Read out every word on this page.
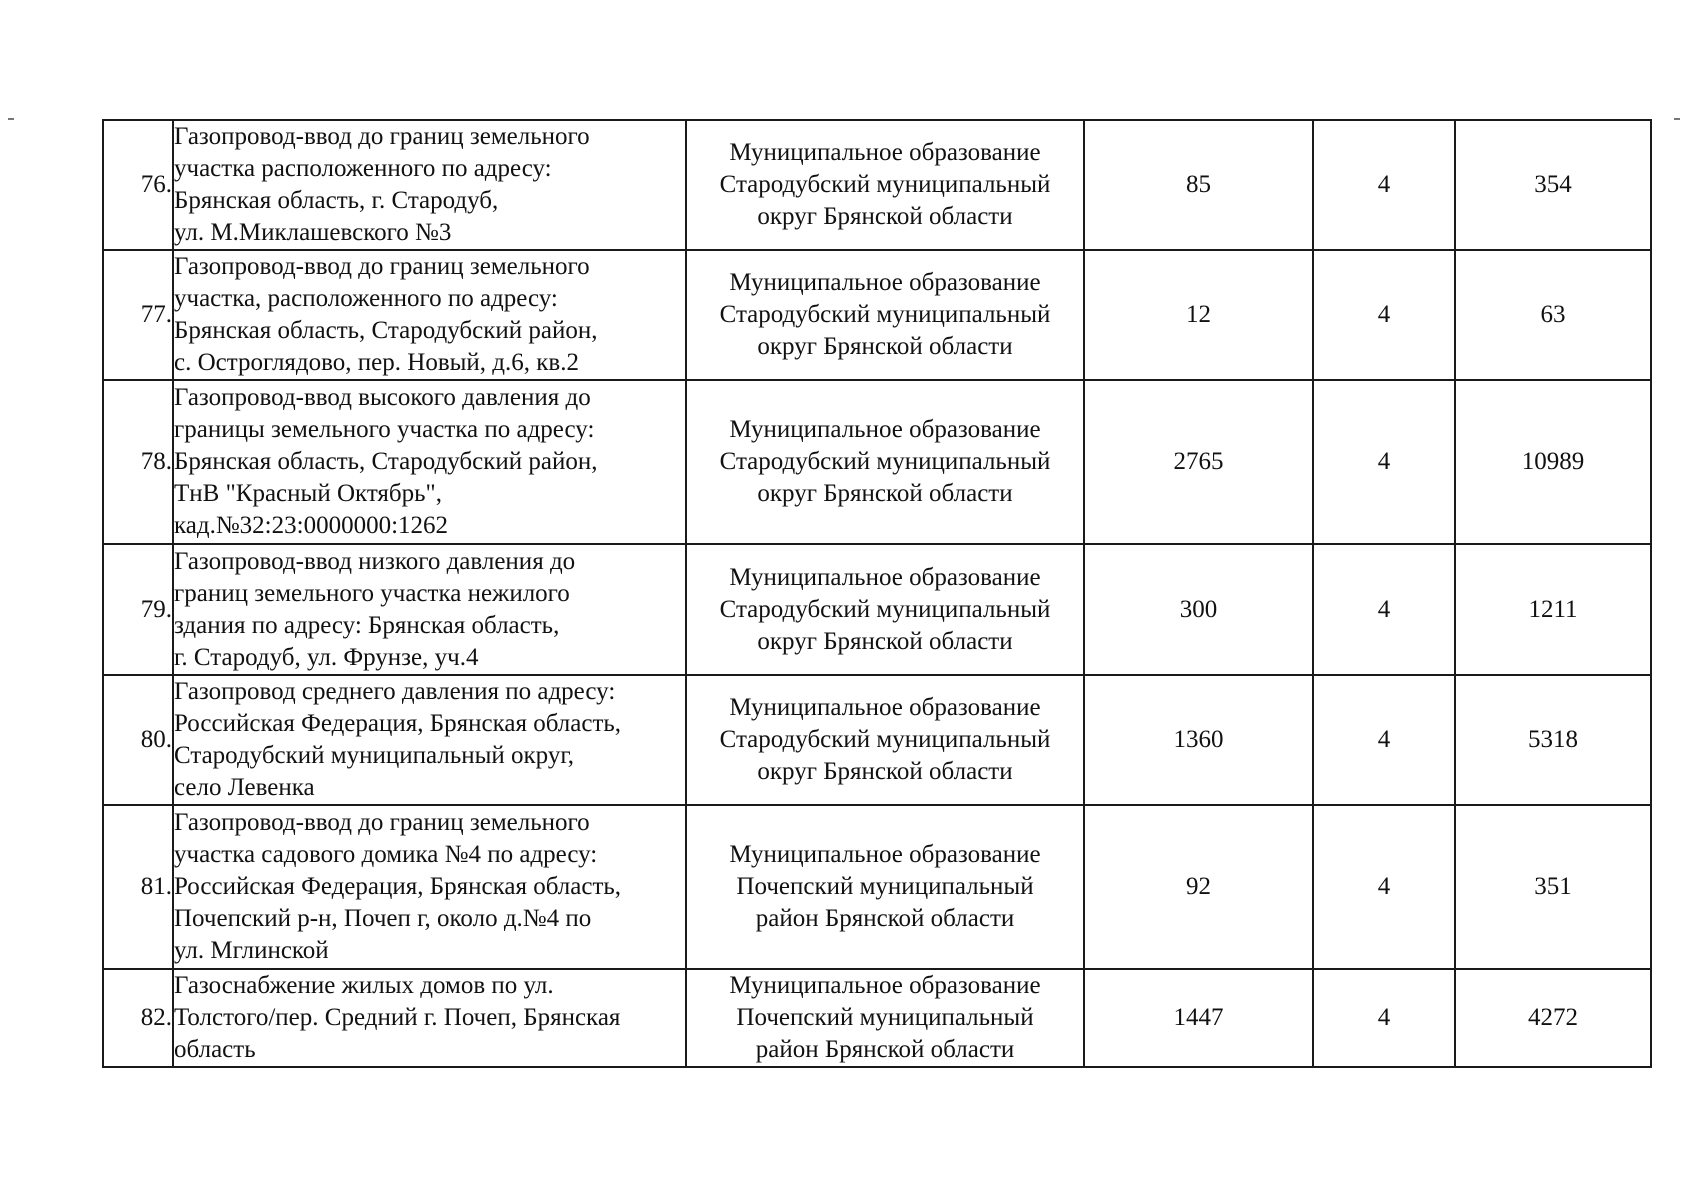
76.	Газопровод-ввод до границ земельного
участка расположенного по адресу:
Брянская область, г. Стародуб,
ул. М.Миклашевского №3	Муниципальное образование
Стародубский муниципальный
округ Брянской области	85	4	354
77.	Газопровод-ввод до границ земельного
участка, расположенного по адресу:
Брянская область, Стародубский район,
с. Остроглядово, пер. Новый, д.6, кв.2	Муниципальное образование
Стародубский муниципальный
округ Брянской области	12	4	63
78.	Газопровод-ввод высокого давления до
границы земельного участка по адресу:
Брянская область, Стародубский район,
ТнВ "Красный Октябрь",
кад.№32:23:0000000:1262	Муниципальное образование
Стародубский муниципальный
округ Брянской области	2765	4	10989
79.	Газопровод-ввод низкого давления до
границ земельного участка нежилого
здания по адресу: Брянская область,
г. Стародуб, ул. Фрунзе, уч.4	Муниципальное образование
Стародубский муниципальный
округ Брянской области	300	4	1211
80.	Газопровод среднего давления по адресу:
Российская Федерация, Брянская область,
Стародубский муниципальный округ,
село Левенка	Муниципальное образование
Стародубский муниципальный
округ Брянской области	1360	4	5318
81.	Газопровод-ввод до границ земельного
участка садового домика №4 по адресу:
Российская Федерация, Брянская область,
Почепский р-н, Почеп г, около д.№4 по
ул. Мглинской	Муниципальное образование
Почепский муниципальный
район Брянской области	92	4	351
82.	Газоснабжение жилых домов по ул.
Толстого/пер. Средний г. Почеп, Брянская
область	Муниципальное образование
Почепский муниципальный
район Брянской области	1447	4	4272
